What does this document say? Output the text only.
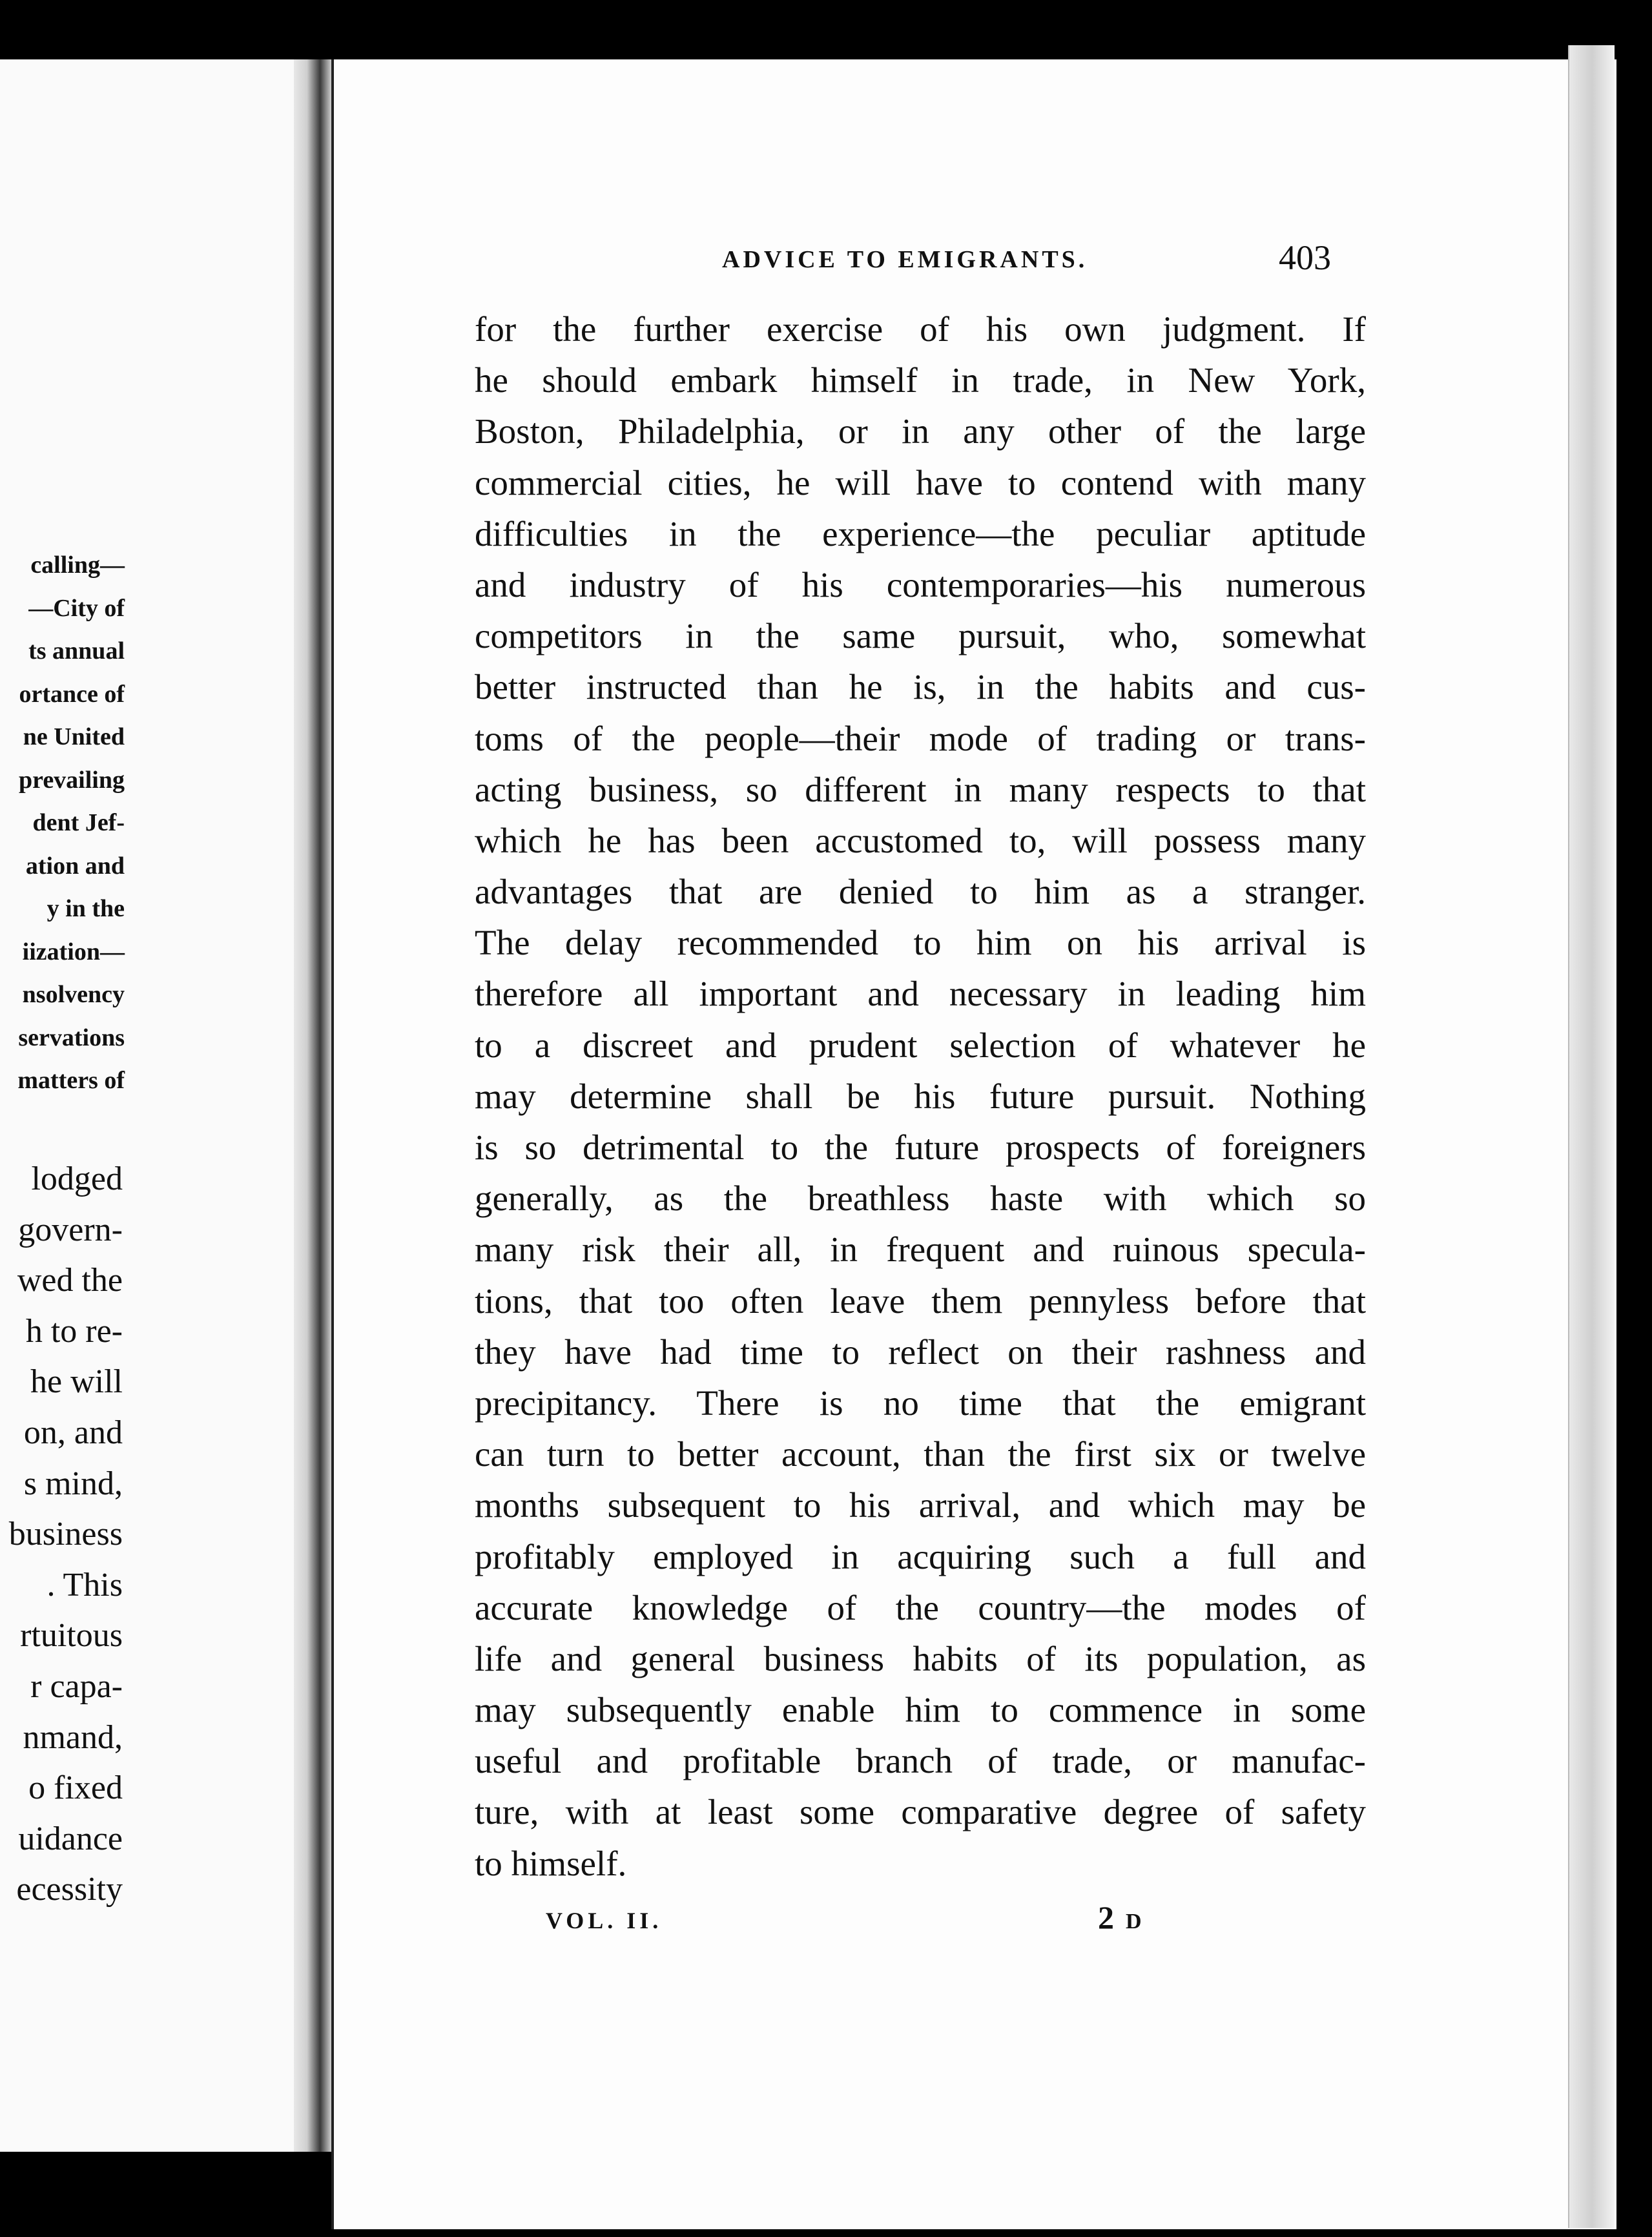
calling—
—City of
ts annual
ortance of
ne United
prevailing
dent Jef-
ation and
y in the
iization—
nsolvency
servations
matters of
lodged
govern-
wed the
h to re-
he will
on, and
s mind,
business
. This
rtuitous
r capa-
nmand,
o fixed
uidance
ecessity
ADVICE TO EMIGRANTS.	403
for the further exercise of his own judgment. If
he should embark himself in trade, in New York,
Boston, Philadelphia, or in any other of the large
commercial cities, he will have to contend with many
difficulties in the experience—the peculiar aptitude
and industry of his contemporaries—his numerous
competitors in the same pursuit, who, somewhat
better instructed than he is, in the habits and cus-
toms of the people—their mode of trading or trans-
acting business, so different in many respects to that
which he has been accustomed to, will possess many
advantages that are denied to him as a stranger.
The delay recommended to him on his arrival is
therefore all important and necessary in leading him
to a discreet and prudent selection of whatever he
may determine shall be his future pursuit. Nothing
is so detrimental to the future prospects of foreigners
generally, as the breathless haste with which so
many risk their all, in frequent and ruinous specula-
tions, that too often leave them pennyless before that
they have had time to reflect on their rashness and
precipitancy. There is no time that the emigrant
can turn to better account, than the first six or twelve
months subsequent to his arrival, and which may be
profitably employed in acquiring such a full and
accurate knowledge of the country—the modes of
life and general business habits of its population, as
may subsequently enable him to commence in some
useful and profitable branch of trade, or manufac-
ture, with at least some comparative degree of safety
to himself.
VOL. II.	2 D
